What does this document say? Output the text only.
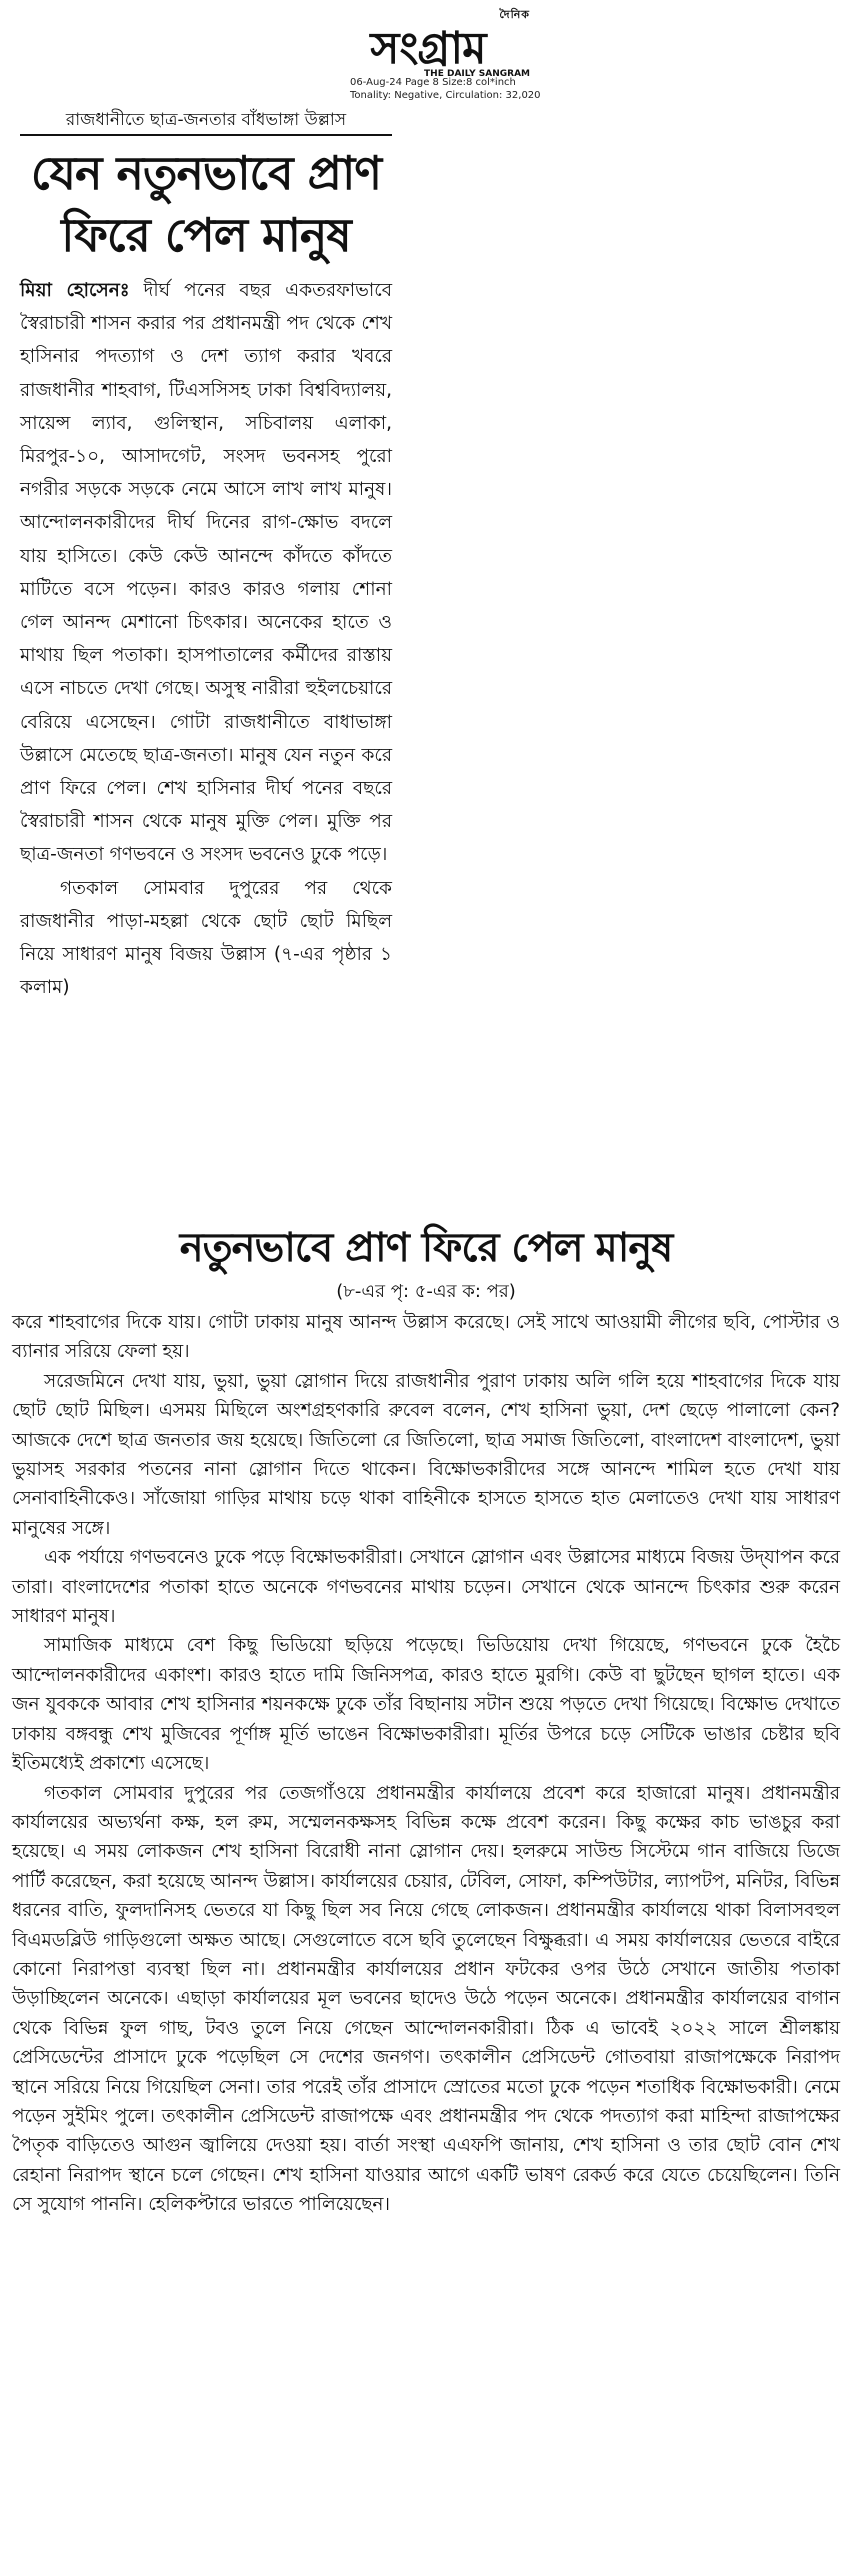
দৈনিক
সংগ্রাম
THE DAILY SANGRAM
06-Aug-24 Page 8 Size:8 col*inch
Tonality: Negative, Circulation: 32,020
রাজধানীতে ছাত্র-জনতার বাঁধভাঙ্গা উল্লাস
যেন নতুনভাবে প্রাণ ফিরে পেল মানুষ

মিয়া হোসেনঃ দীর্ঘ পনের বছর একতরফাভাবে স্বৈরাচারী শাসন করার পর প্রধানমন্ত্রী পদ থেকে শেখ হাসিনার পদত্যাগ ও দেশ ত্যাগ করার খবরে রাজধানীর শাহবাগ, টিএসসিসহ ঢাকা বিশ্ববিদ্যালয়, সায়েন্স ল্যাব, গুলিস্থান, সচিবালয় এলাকা, মিরপুর-১০, আসাদগেট, সংসদ ভবনসহ পুরো নগরীর সড়কে সড়কে নেমে আসে লাখ লাখ মানুষ। আন্দোলনকারীদের দীর্ঘ দিনের রাগ-ক্ষোভ বদলে যায় হাসিতে। কেউ কেউ আনন্দে কাঁদতে কাঁদতে মাটিতে বসে পড়েন। কারও কারও গলায় শোনা গেল আনন্দ মেশানো চিৎকার। অনেকের হাতে ও মাথায় ছিল পতাকা। হাসপাতালের কর্মীদের রাস্তায় এসে নাচতে দেখা গেছে। অসুস্থ নারীরা হুইলচেয়ারে বেরিয়ে এসেছেন। গোটা রাজধানীতে বাধাভাঙ্গা উল্লাসে মেতেছে ছাত্র-জনতা। মানুষ যেন নতুন করে প্রাণ ফিরে পেল। শেখ হাসিনার দীর্ঘ পনের বছরে স্বৈরাচারী শাসন থেকে মানুষ মুক্তি পেল। মুক্তি পর ছাত্র-জনতা গণভবনে ও সংসদ ভবনেও ঢুকে পড়ে।

গতকাল সোমবার দুপুরের পর থেকে রাজধানীর পাড়া-মহল্লা থেকে ছোট ছোট মিছিল নিয়ে সাধারণ মানুষ বিজয় উল্লাস (৭-এর পৃষ্ঠার ১ কলাম)

নতুনভাবে প্রাণ ফিরে পেল মানুষ
(৮-এর পৃ: ৫-এর ক: পর)

করে শাহবাগের দিকে যায়। গোটা ঢাকায় মানুষ আনন্দ উল্লাস করেছে। সেই সাথে আওয়ামী লীগের ছবি, পোস্টার ও ব্যানার সরিয়ে ফেলা হয়।

সরেজমিনে দেখা যায়, ভুয়া, ভুয়া স্লোগান দিয়ে রাজধানীর পুরাণ ঢাকায় অলি গলি হয়ে শাহবাগের দিকে যায় ছোট ছোট মিছিল। এসময় মিছিলে অংশগ্রহণকারি রুবেল বলেন, শেখ হাসিনা ভুয়া, দেশ ছেড়ে পালালো কেন? আজকে দেশে ছাত্র জনতার জয় হয়েছে। জিতিলো রে জিতিলো, ছাত্র সমাজ জিতিলো, বাংলাদেশ বাংলাদেশ, ভুয়া ভুয়াসহ সরকার পতনের নানা স্লোগান দিতে থাকেন। বিক্ষোভকারীদের সঙ্গে আনন্দে শামিল হতে দেখা যায় সেনাবাহিনীকেও। সাঁজোয়া গাড়ির মাথায় চড়ে থাকা বাহিনীকে হাসতে হাসতে হাত মেলাতেও দেখা যায় সাধারণ মানুষের সঙ্গে।

এক পর্যায়ে গণভবনেও ঢুকে পড়ে বিক্ষোভকারীরা। সেখানে স্লোগান এবং উল্লাসের মাধ্যমে বিজয় উদ্‌যাপন করে তারা। বাংলাদেশের পতাকা হাতে অনেকে গণভবনের মাথায় চড়েন। সেখানে থেকে আনন্দে চিৎকার শুরু করেন সাধারণ মানুষ।

সামাজিক মাধ্যমে বেশ কিছু ভিডিয়ো ছড়িয়ে পড়েছে। ভিডিয়োয় দেখা গিয়েছে, গণভবনে ঢুকে হৈচৈ আন্দোলনকারীদের একাংশ। কারও হাতে দামি জিনিসপত্র, কারও হাতে মুরগি। কেউ বা ছুটছেন ছাগল হাতে। এক জন যুবককে আবার শেখ হাসিনার শয়নকক্ষে ঢুকে তাঁর বিছানায় সটান শুয়ে পড়তে দেখা গিয়েছে। বিক্ষোভ দেখাতে ঢাকায় বঙ্গবন্ধু শেখ মুজিবের পূর্ণাঙ্গ মূর্তি ভাঙেন বিক্ষোভকারীরা। মূর্তির উপরে চড়ে সেটিকে ভাঙার চেষ্টার ছবি ইতিমধ্যেই প্রকাশ্যে এসেছে।

গতকাল সোমবার দুপুরের পর তেজগাঁওয়ে প্রধানমন্ত্রীর কার্যালয়ে প্রবেশ করে হাজারো মানুষ। প্রধানমন্ত্রীর কার্যালয়ের অভ্যর্থনা কক্ষ, হল রুম, সম্মেলনকক্ষসহ বিভিন্ন কক্ষে প্রবেশ করেন। কিছু কক্ষের কাচ ভাঙচুর করা হয়েছে। এ সময় লোকজন শেখ হাসিনা বিরোধী নানা স্লোগান দেয়। হলরুমে সাউন্ড সিস্টেমে গান বাজিয়ে ডিজে পার্টি করেছেন, করা হয়েছে আনন্দ উল্লাস। কার্যালয়ের চেয়ার, টেবিল, সোফা, কম্পিউটার, ল্যাপটপ, মনিটর, বিভিন্ন ধরনের বাতি, ফুলদানিসহ ভেতরে যা কিছু ছিল সব নিয়ে গেছে লোকজন। প্রধানমন্ত্রীর কার্যালয়ে থাকা বিলাসবহুল বিএমডব্লিউ গাড়িগুলো অক্ষত আছে। সেগুলোতে বসে ছবি তুলেছেন বিক্ষুব্ধরা। এ সময় কার্যালয়ের ভেতরে বাইরে কোনো নিরাপত্তা ব্যবস্থা ছিল না। প্রধানমন্ত্রীর কার্যালয়ের প্রধান ফটকের ওপর উঠে সেখানে জাতীয় পতাকা উড়াচ্ছিলেন অনেকে। এছাড়া কার্যালয়ের মূল ভবনের ছাদেও উঠে পড়েন অনেকে। প্রধানমন্ত্রীর কার্যালয়ের বাগান থেকে বিভিন্ন ফুল গাছ, টবও তুলে নিয়ে গেছেন আন্দোলনকারীরা। ঠিক এ ভাবেই ২০২২ সালে শ্রীলঙ্কায় প্রেসিডেন্টের প্রাসাদে ঢুকে পড়েছিল সে দেশের জনগণ। তৎকালীন প্রেসিডেন্ট গোতবায়া রাজাপক্ষেকে নিরাপদ স্থানে সরিয়ে নিয়ে গিয়েছিল সেনা। তার পরেই তাঁর প্রাসাদে স্রোতের মতো ঢুকে পড়েন শতাধিক বিক্ষোভকারী। নেমে পড়েন সুইমিং পুলে। তৎকালীন প্রেসিডেন্ট রাজাপক্ষে এবং প্রধানমন্ত্রীর পদ থেকে পদত্যাগ করা মাহিন্দা রাজাপক্ষের পৈতৃক বাড়িতেও আগুন জ্বালিয়ে দেওয়া হয়। বার্তা সংস্থা এএফপি জানায়, শেখ হাসিনা ও তার ছোট বোন শেখ রেহানা নিরাপদ স্থানে চলে গেছেন। শেখ হাসিনা যাওয়ার আগে একটি ভাষণ রেকর্ড করে যেতে চেয়েছিলেন। তিনি সে সুযোগ পাননি। হেলিকপ্টারে ভারতে পালিয়েছেন।
